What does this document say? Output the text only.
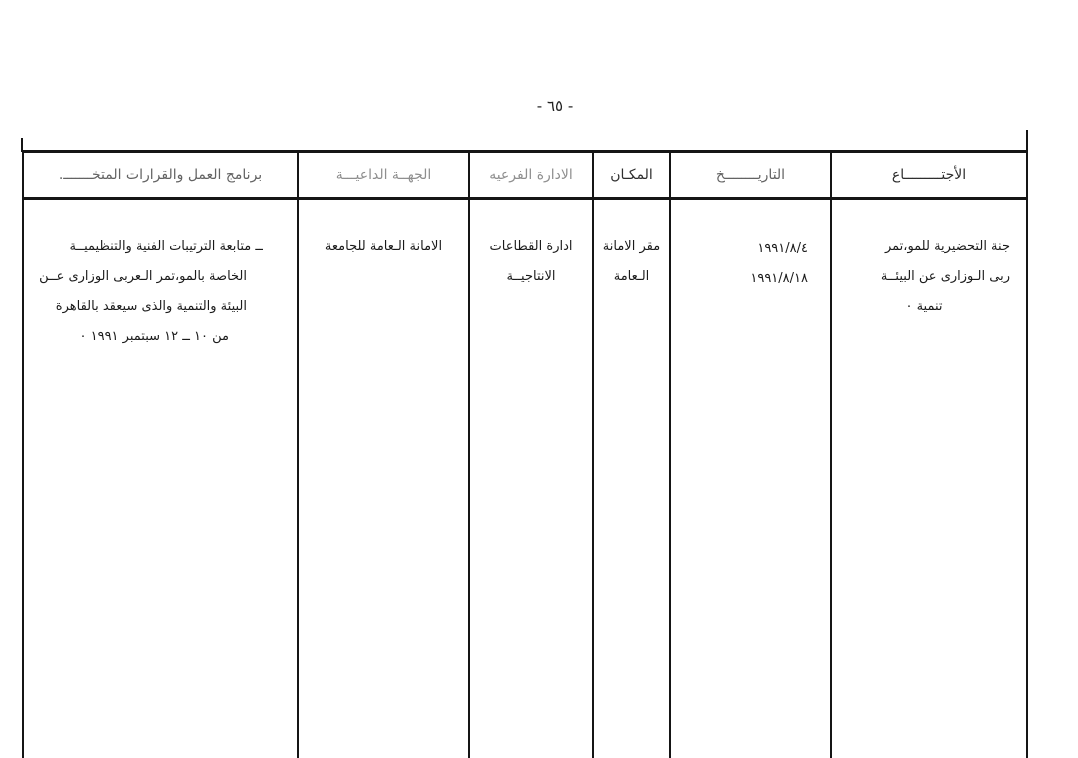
- ٦٥ -
الأجتـــــــــاع
جنة التحضيرية للمو،تمر
ربى الـوزارى عن البيئــة
تنمية ٠
التاريــــــــخ
١٩٩١/٨/٤
١٩٩١/٨/١٨
المكـان
مقر الامانة
الـعامة
الادارة الفرعيه
ادارة القطاعات
الانتاجيــة
الجهــة الداعيـــة
الامانة الـعامة للجامعة
برنامج العمل والقرارات المتخـــــــ.
ــ متابعة الترتيبات الفنية والتنظيميــة
الخاصة بالمو،تمر الـعربى الوزارى عــن
البيئة والتنمية والذى سيعقد بالقاهرة
من ١٠ ــ ١٢ سبتمبر ١٩٩١ ٠
